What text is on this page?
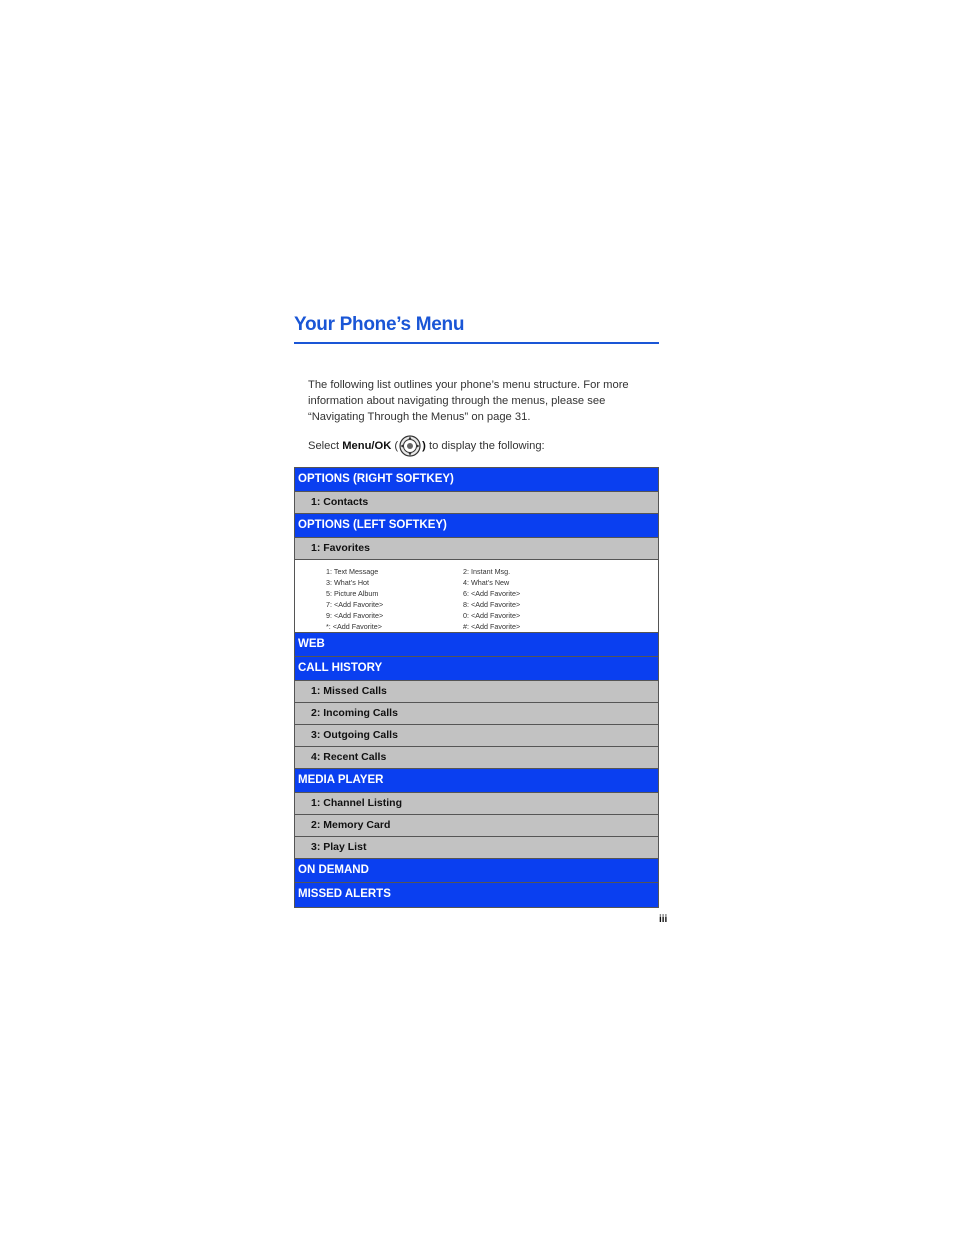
Your Phone’s Menu
The following list outlines your phone’s menu structure. For more information about navigating through the menus, please see “Navigating Through the Menus” on page 31.
Select Menu/OK ( ) to display the following:
OPTIONS (RIGHT SOFTKEY)
1: Contacts
OPTIONS (LEFT SOFTKEY)
1: Favorites
1: Text Message	2: Instant Msg.
3: What’s Hot	4: What’s New
5: Picture Album	6: <Add Favorite>
7: <Add Favorite>	8: <Add Favorite>
9: <Add Favorite>	0: <Add Favorite>
*: <Add Favorite>	#: <Add Favorite>
WEB
CALL HISTORY
1: Missed Calls
2: Incoming Calls
3: Outgoing Calls
4: Recent Calls
MEDIA PLAYER
1: Channel Listing
2: Memory Card
3: Play List
ON DEMAND
MISSED ALERTS
iii
